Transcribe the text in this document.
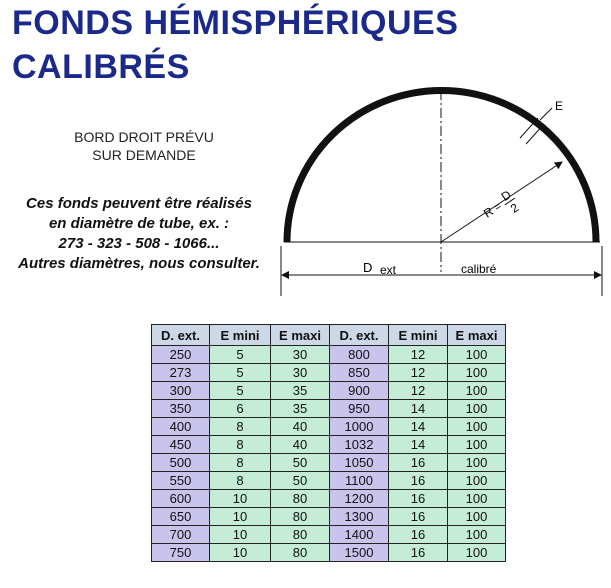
FONDS HÉMISPHÉRIQUES
CALIBRÉS
BORD DROIT PRÉVU
SUR DEMANDE
Ces fonds peuvent être réalisés
en diamètre de tube, ex. :
273 - 323 - 508 - 1066...
Autres diamètres, nous consulter.
E
R
=
D
2
D ext	calibré
D. ext.	E mini	E maxi	D. ext.	E mini	E maxi
250	5	30	800	12	100
273	5	30	850	12	100
300	5	35	900	12	100
350	6	35	950	14	100
400	8	40	1000	14	100
450	8	40	1032	14	100
500	8	50	1050	16	100
550	8	50	1100	16	100
600	10	80	1200	16	100
650	10	80	1300	16	100
700	10	80	1400	16	100
750	10	80	1500	16	100
